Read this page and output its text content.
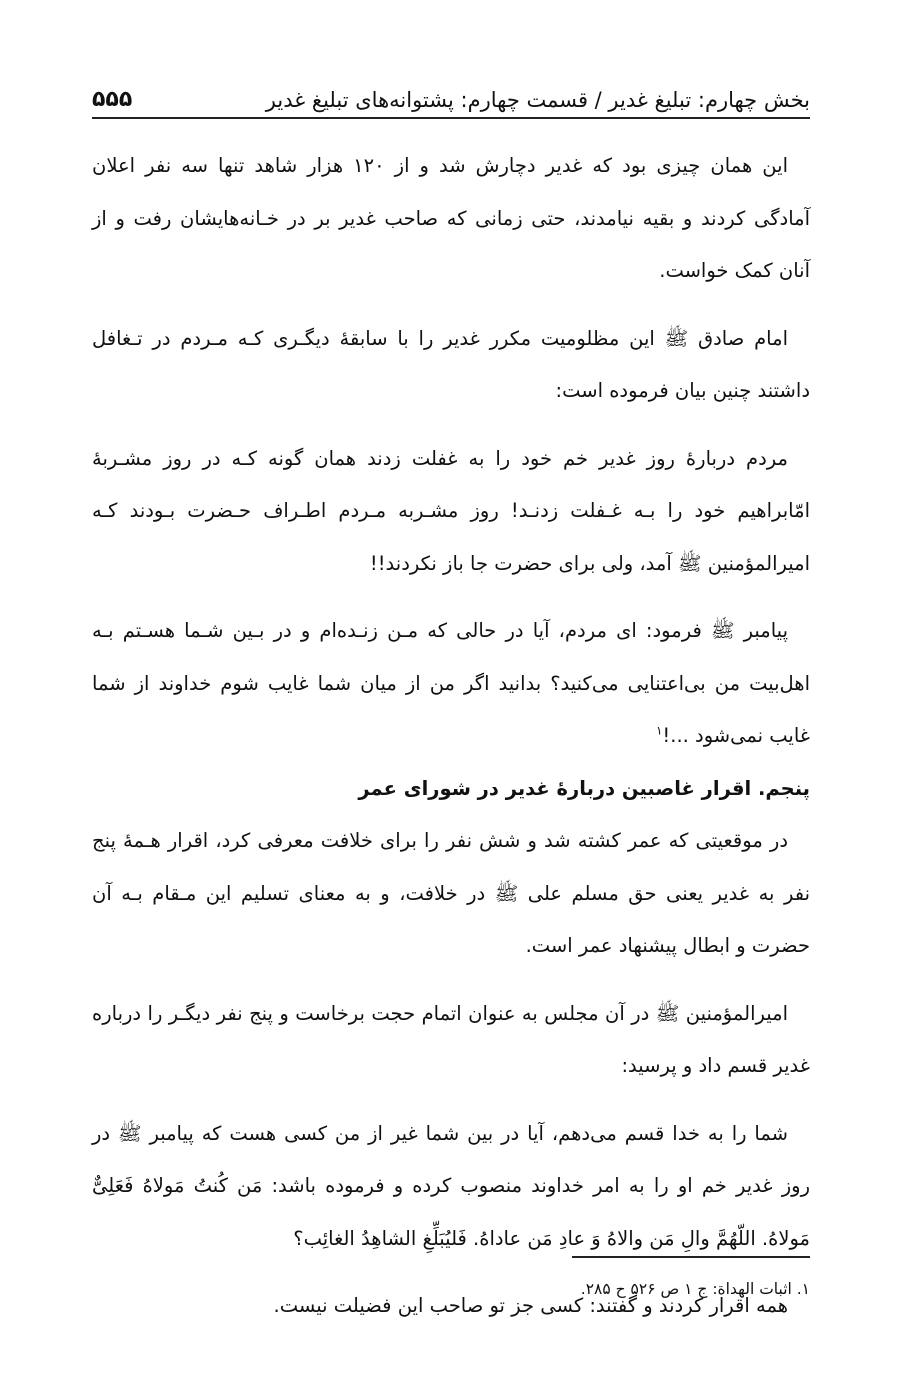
بخش چهارم: تبلیغ غدیر / قسمت چهارم: پشتوانه‌های تبلیغ غدیر
۵۵۵

این همان چیزی بود که غدیر دچارش شد و از ۱۲۰ هزار شاهد تنها سه نفر اعلان آمادگی کردند و بقیه نیامدند، حتی زمانی که صاحب غدیر بر در خـانه‌هایشان رفت و از آنان کمک خواست.

امام صادق ﷺ این مظلومیت مکرر غدیر را با سابقهٔ دیگـری کـه مـردم در تـغافل داشتند چنین بیان فرموده است:

مردم دربارهٔ روز غدیر خم خود را به غفلت زدند همان گونه کـه در روز مشـربهٔ امّابراهیم خود را بـه غـفلت زدنـد! روز مشـربه مـردم اطـراف حـضرت بـودند کـه امیرالمؤمنین ﷺ آمد، ولی برای حضرت جا باز نکردند!!

پیامبر ﷺ فرمود: ای مردم، آیا در حالی که مـن زنـده‌ام و در بـین شـما هسـتم بـه اهل‌بیت من بی‌اعتنایی می‌کنید؟ بدانید اگر من از میان شما غایب شوم خداوند از شما غایب نمی‌شود ...!$^۱$

پنجم. اقرار غاصبین دربارهٔ غدیر در شورای عمر

در موقعیتی که عمر کشته شد و شش نفر را برای خلافت معرفی کرد، اقرار هـمهٔ پنج نفر به غدیر یعنی حق مسلم علی ﷺ در خلافت، و به معنای تسلیم این مـقام بـه آن حضرت و ابطال پیشنهاد عمر است.

امیرالمؤمنین ﷺ در آن مجلس به عنوان اتمام حجت برخاست و پنج نفر دیگـر را درباره غدیر قسم داد و پرسید:

شما را به خدا قسم می‌دهم، آیا در بین شما غیر از من کسی هست که پیامبر ﷺ در روز غدیر خم او را به امر خداوند منصوب کرده و فرموده باشد: مَن کُنتُ مَولاهُ فَعَلِیٌّ مَولاهُ. اللّهُمَّ والِ مَن والاهُ وَ عادِ مَن عاداهُ. فَلیُبَلِّغِ الشاهِدُ الغائِب؟

همه اقرار کردند و گفتند: کسی جز تو صاحب این فضیلت نیست.

۱. اثبات الهداة: ج ۱ ص ۵۲۶ ح ۲۸۵.
